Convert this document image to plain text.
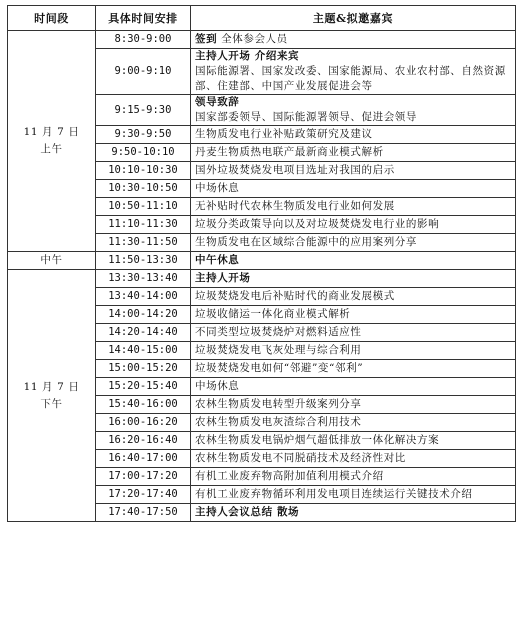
时间段	具体时间安排	主题&拟邀嘉宾
11 月 7 日
上午	8:30-9:00	签到 全体参会人员
	9:00-9:10	主持人开场 介绍来宾
国际能源署、国家发改委、国家能源局、农业农村部、自然资源部、住建部、中国产业发展促进会等

	9:15-9:30	领导致辞
国家部委领导、国际能源署领导、促进会领导

	9:30-9:50	生物质发电行业补贴政策研究及建议
	9:50-10:10	丹麦生物质热电联产最新商业模式解析
	10:10-10:30	国外垃圾焚烧发电项目选址对我国的启示
	10:30-10:50	中场休息
	10:50-11:10	无补贴时代农林生物质发电行业如何发展
	11:10-11:30	垃圾分类政策导向以及对垃圾焚烧发电行业的影响
	11:30-11:50	生物质发电在区域综合能源中的应用案列分享
中午	11:50-13:30	中午休息
11 月 7 日
下午	13:30-13:40	主持人开场
	13:40-14:00	垃圾焚烧发电后补贴时代的商业发展模式
	14:00-14:20	垃圾收储运一体化商业模式解析
	14:20-14:40	不同类型垃圾焚烧炉对燃料适应性
	14:40-15:00	垃圾焚烧发电飞灰处理与综合利用
	15:00-15:20	垃圾焚烧发电如何“邻避”变“邻利”
	15:20-15:40	中场休息
	15:40-16:00	农林生物质发电转型升级案列分享
	16:00-16:20	农林生物质发电灰渣综合利用技术
	16:20-16:40	农林生物质发电锅炉烟气超低排放一体化解决方案
	16:40-17:00	农林生物质发电不同脱硝技术及经济性对比
	17:00-17:20	有机工业废弃物高附加值利用模式介绍
	17:20-17:40	有机工业废弃物循环利用发电项目连续运行关键技术介绍
	17:40-17:50	主持人会议总结 散场
